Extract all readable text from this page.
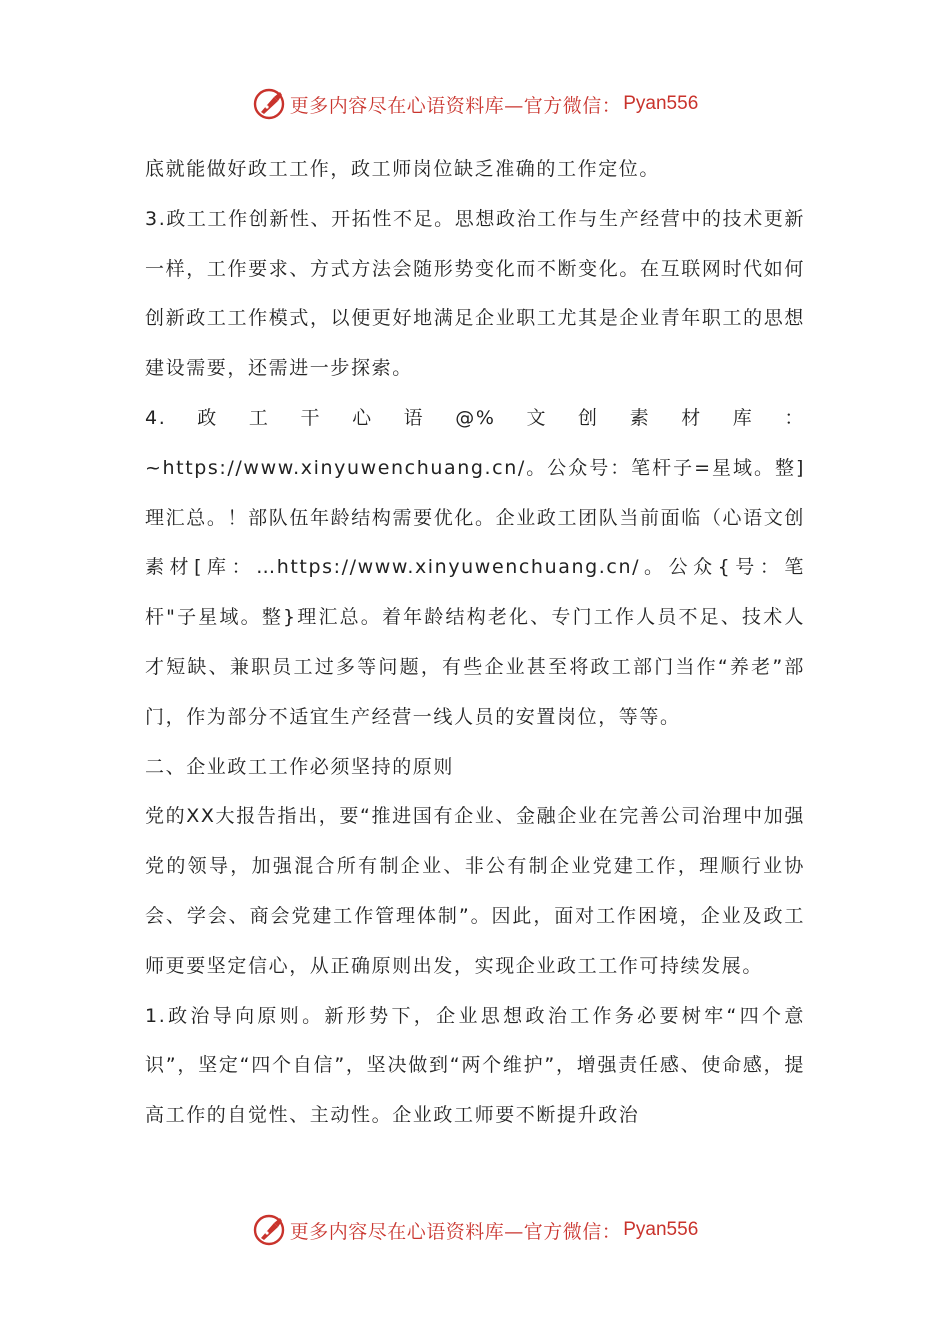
更多内容尽在心语资料库—官方微信： Pyan556

底就能做好政工工作，政工师岗位缺乏准确的工作定位。

3.政工工作创新性、开拓性不足。思想政治工作与生产经营中的技术更新一样，工作要求、方式方法会随形势变化而不断变化。在互联网时代如何创新政工工作模式，以便更好地满足企业职工尤其是企业青年职工的思想建设需要，还需进一步探索。

4.政工干心语@%文创素材库：~https://www.xinyuwenchuang.cn/。公众号：笔杆子=星域。整]理汇总。！部队伍年龄结构需要优化。企业政工团队当前面临（心语文创素材[库：…https://www.xinyuwenchuang.cn/。公众{号：笔杆"子星域。整}理汇总。着年龄结构老化、专门工作人员不足、技术人才短缺、兼职员工过多等问题，有些企业甚至将政工部门当作“养老”部门，作为部分不适宜生产经营一线人员的安置岗位，等等。

二、企业政工工作必须坚持的原则

党的XX大报告指出，要“推进国有企业、金融企业在完善公司治理中加强党的领导，加强混合所有制企业、非公有制企业党建工作，理顺行业协会、学会、商会党建工作管理体制”。因此，面对工作困境，企业及政工师更要坚定信心，从正确原则出发，实现企业政工工作可持续发展。

1.政治导向原则。新形势下，企业思想政治工作务必要树牢“四个意识”，坚定“四个自信”，坚决做到“两个维护”，增强责任感、使命感，提高工作的自觉性、主动性。企业政工师要不断提升政治

更多内容尽在心语资料库—官方微信： Pyan556
